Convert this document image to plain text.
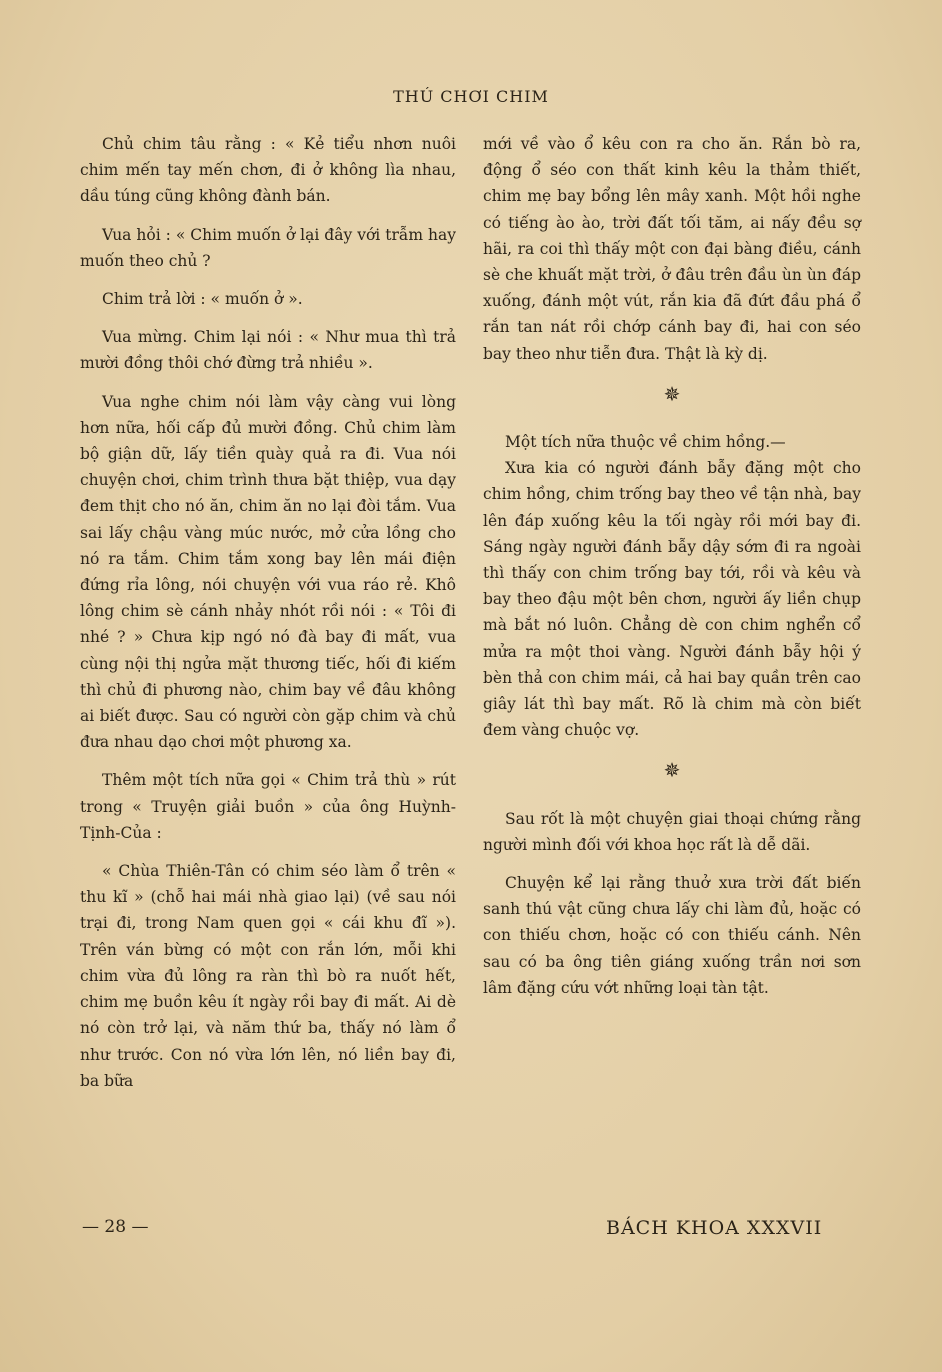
THÚ CHƠI CHIM

Chủ chim tâu rằng : « Kẻ tiểu nhơn nuôi chim mến tay mến chơn, đi ở không lìa nhau, dầu túng cũng không đành bán.

Vua hỏi : « Chim muốn ở lại đây với trẫm hay muốn theo chủ ?

Chim trả lời : « muốn ở ».

Vua mừng. Chim lại nói : « Như mua thì trả mười đồng thôi chớ đừng trả nhiều ».

Vua nghe chim nói làm vậy càng vui lòng hơn nữa, hối cấp đủ mười đồng. Chủ chim làm bộ giận dữ, lấy tiền quày quả ra đi. Vua nói chuyện chơi, chim trình thưa bặt thiệp, vua dạy đem thịt cho nó ăn, chim ăn no lại đòi tắm. Vua sai lấy chậu vàng múc nước, mở cửa lồng cho nó ra tắm. Chim tắm xong bay lên mái điện đứng rỉa lông, nói chuyện với vua ráo rẻ. Khô lông chim sè cánh nhảy nhót rồi nói : « Tôi đi nhé ? » Chưa kịp ngó nó đà bay đi mất, vua cùng nội thị ngửa mặt thương tiếc, hối đi kiếm thì chủ đi phương nào, chim bay về đâu không ai biết được. Sau có người còn gặp chim và chủ đưa nhau dạo chơi một phương xa.

Thêm một tích nữa gọi « Chim trả thù » rút trong « Truyện giải buồn » của ông Huỳnh-Tịnh-Của :

« Chùa Thiên-Tân có chim séo làm ổ trên « thu kĩ » (chỗ hai mái nhà giao lại) (về sau nói trại đi, trong Nam quen gọi « cái khu đĩ »). Trên ván bừng có một con rắn lớn, mỗi khi chim vừa đủ lông ra ràn thì bò ra nuốt hết, chim mẹ buồn kêu ít ngày rồi bay đi mất. Ai dè nó còn trở lại, và năm thứ ba, thấy nó làm ổ như trước. Con nó vừa lớn lên, nó liền bay đi, ba bữa

mới về vào ổ kêu con ra cho ăn. Rắn bò ra, động ổ séo con thất kinh kêu la thảm thiết, chim mẹ bay bổng lên mây xanh. Một hồi nghe có tiếng ào ào, trời đất tối tăm, ai nấy đều sợ hãi, ra coi thì thấy một con đại bàng điều, cánh sè che khuất mặt trời, ở đâu trên đầu ùn ùn đáp xuống, đánh một vút, rắn kia đã đứt đầu phá ổ rắn tan nát rồi chớp cánh bay đi, hai con séo bay theo như tiễn đưa. Thật là kỳ dị.

✵

Một tích nữa thuộc về chim hồng.—

Xưa kia có người đánh bẫy đặng một cho chim hồng, chim trống bay theo về tận nhà, bay lên đáp xuống kêu la tối ngày rồi mới bay đi. Sáng ngày người đánh bẫy dậy sớm đi ra ngoài thì thấy con chim trống bay tới, rồi và kêu và bay theo đậu một bên chơn, người ấy liền chụp mà bắt nó luôn. Chẳng dè con chim nghển cổ mửa ra một thoi vàng. Người đánh bẫy hội ý bèn thả con chim mái, cả hai bay quần trên cao giây lát thì bay mất. Rõ là chim mà còn biết đem vàng chuộc vợ.

✵

Sau rốt là một chuyện giai thoại chứng rằng người mình đối với khoa học rất là dễ dãi.

Chuyện kể lại rằng thuở xưa trời đất biến sanh thú vật cũng chưa lấy chi làm đủ, hoặc có con thiếu chơn, hoặc có con thiếu cánh. Nên sau có ba ông tiên giáng xuống trần nơi sơn lâm đặng cứu vớt những loại tàn tật.

— 28 —	BÁCH KHOA XXXVII
